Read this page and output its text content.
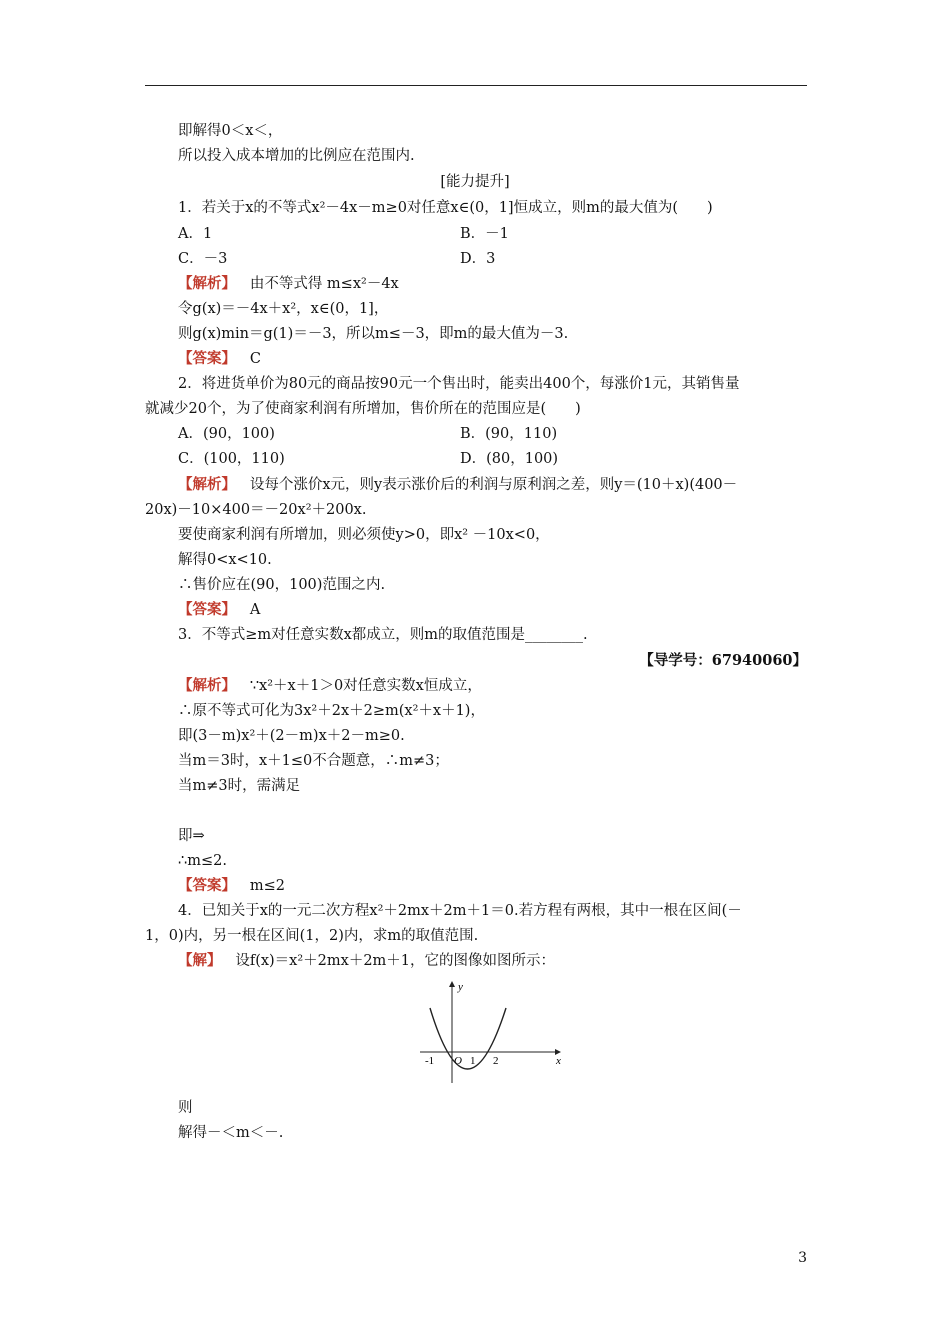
即解得0＜x＜，
所以投入成本增加的比例应在范围内.
[能力提升]
1．若关于x的不等式x²－4x－m≥0对任意x∈(0，1]恒成立，则m的最大值为(　　)
A．1	B．－1
C．－3	D．3
【解析】 由不等式得 m≤x²－4x
令g(x)＝－4x＋x²，x∈(0，1]，
则g(x)min＝g(1)＝－3，所以m≤－3，即m的最大值为－3.
【答案】 C
2．将进货单价为80元的商品按90元一个售出时，能卖出400个，每涨价1元，其销售量
就减少20个，为了使商家利润有所增加，售价所在的范围应是(　　)
A．(90，100)	B．(90，110)
C．(100，110)	D．(80，100)
【解析】 设每个涨价x元，则y表示涨价后的利润与原利润之差，则y＝(10＋x)(400－
20x)－10×400＝－20x²＋200x.
要使商家利润有所增加，则必须使y>0，即x² －10x<0，
解得0<x<10.
∴售价应在(90，100)范围之内.
【答案】 A
3．不等式≥m对任意实数x都成立，则m的取值范围是________.
【导学号：67940060】
【解析】 ∵x²＋x＋1＞0对任意实数x恒成立，
∴原不等式可化为3x²＋2x＋2≥m(x²＋x＋1)，
即(3－m)x²＋(2－m)x＋2－m≥0.
当m＝3时，x＋1≤0不合题意，∴m≠3；
当m≠3时，需满足
即⇒
∴m≤2.
【答案】 m≤2
4．已知关于x的一元二次方程x²＋2mx＋2m＋1＝0.若方程有两根，其中一根在区间(－
1，0)内，另一根在区间(1，2)内，求m的取值范围.
【解】 设f(x)＝x²＋2mx＋2m＋1，它的图像如图所示：
x
y
O
-1	1 2
则
解得－＜m＜－.
3
